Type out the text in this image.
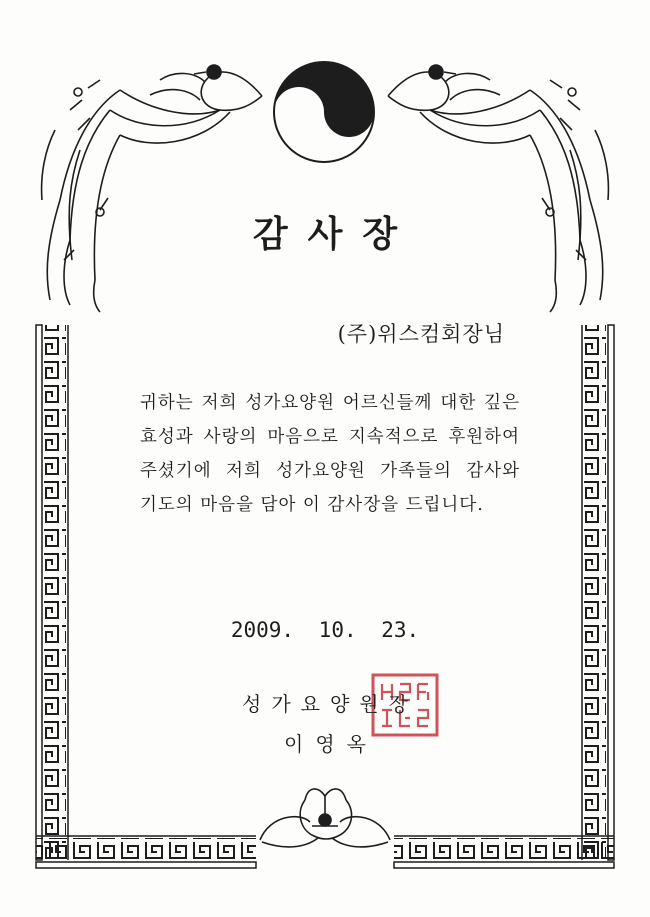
감사장
(주)위스컴회장님
귀하는 저희 성가요양원 어르신들께 대한 깊은 효성과 사랑의 마음으로 지속적으로 후원하여 주셨기에 저희 성가요양원 가족들의 감사와 기도의 마음을 담아 이 감사장을 드립니다.
2009. 10. 23.
성가요양원장
이영옥
